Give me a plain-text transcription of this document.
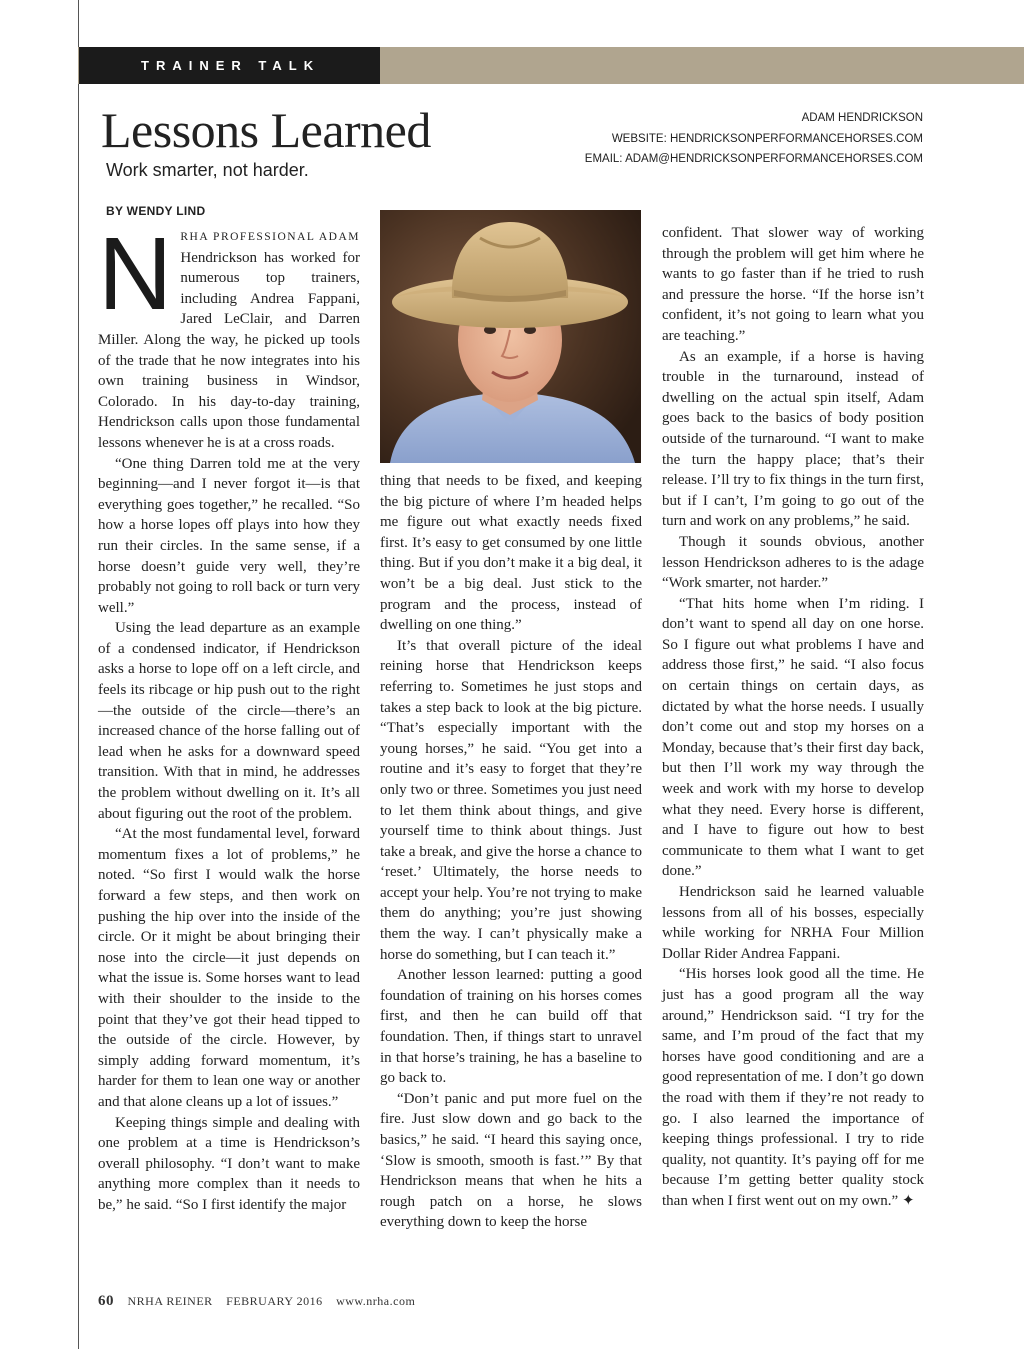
TRAINER TALK
Lessons Learned
Work smarter, not harder.
BY WENDY LIND
ADAM HENDRICKSON
WEBSITE: HENDRICKSONPERFORMANCEHORSES.COM
EMAIL: ADAM@HENDRICKSONPERFORMANCEHORSES.COM

NRHA PROFESSIONAL ADAM Hendrickson has worked for numerous top trainers, including Andrea Fappani, Jared LeClair, and Darren Miller. Along the way, he picked up tools of the trade that he now integrates into his own training business in Windsor, Colorado. In his day-to-day training, Hendrickson calls upon those fundamental lessons whenever he is at a cross roads.

“One thing Darren told me at the very beginning—and I never forgot it—is that everything goes together,” he recalled. “So how a horse lopes off plays into how they run their circles. In the same sense, if a horse doesn’t guide very well, they’re probably not going to roll back or turn very well.”

Using the lead departure as an example of a condensed indicator, if Hendrickson asks a horse to lope off on a left circle, and feels its ribcage or hip push out to the right—the outside of the circle—there’s an increased chance of the horse falling out of lead when he asks for a downward speed transition. With that in mind, he addresses the problem without dwelling on it. It’s all about figuring out the root of the problem.

“At the most fundamental level, forward momentum fixes a lot of problems,” he noted. “So first I would walk the horse forward a few steps, and then work on pushing the hip over into the inside of the circle. Or it might be about bringing their nose into the circle—it just depends on what the issue is. Some horses want to lead with their shoulder to the inside to the point that they’ve got their head tipped to the outside of the circle. However, by simply adding forward momentum, it’s harder for them to lean one way or another and that alone cleans up a lot of issues.”

Keeping things simple and dealing with one problem at a time is Hendrickson’s overall philosophy. “I don’t want to make anything more complex than it needs to be,” he said. “So I first identify the major

thing that needs to be fixed, and keeping the big picture of where I’m headed helps me figure out what exactly needs fixed first. It’s easy to get consumed by one little thing. But if you don’t make it a big deal, it won’t be a big deal. Just stick to the program and the process, instead of dwelling on one thing.”

It’s that overall picture of the ideal reining horse that Hendrickson keeps referring to. Sometimes he just stops and takes a step back to look at the big picture. “That’s especially important with the young horses,” he said. “You get into a routine and it’s easy to forget that they’re only two or three. Sometimes you just need to let them think about things, and give yourself time to think about things. Just take a break, and give the horse a chance to ‘reset.’ Ultimately, the horse needs to accept your help. You’re not trying to make them do anything; you’re just showing them the way. I can’t physically make a horse do something, but I can teach it.”

Another lesson learned: putting a good foundation of training on his horses comes first, and then he can build off that foundation. Then, if things start to unravel in that horse’s training, he has a baseline to go back to.

“Don’t panic and put more fuel on the fire. Just slow down and go back to the basics,” he said. “I heard this saying once, ‘Slow is smooth, smooth is fast.’” By that Hendrickson means that when he hits a rough patch on a horse, he slows everything down to keep the horse

confident. That slower way of working through the problem will get him where he wants to go faster than if he tried to rush and pressure the horse. “If the horse isn’t confident, it’s not going to learn what you are teaching.”

As an example, if a horse is having trouble in the turnaround, instead of dwelling on the actual spin itself, Adam goes back to the basics of body position outside of the turnaround. “I want to make the turn the happy place; that’s their release. I’ll try to fix things in the turn first, but if I can’t, I’m going to go out of the turn and work on any problems,” he said.

Though it sounds obvious, another lesson Hendrickson adheres to is the adage “Work smarter, not harder.”

“That hits home when I’m riding. I don’t want to spend all day on one horse. So I figure out what problems I have and address those first,” he said. “I also focus on certain things on certain days, as dictated by what the horse needs. I usually don’t come out and stop my horses on a Monday, because that’s their first day back, but then I’ll work my way through the week and work with my horse to develop what they need. Every horse is different, and I have to figure out how to best communicate to them what I want to get done.”

Hendrickson said he learned valuable lessons from all of his bosses, especially while working for NRHA Four Million Dollar Rider Andrea Fappani.

“His horses look good all the time. He just has a good program all the way around,” Hendrickson said. “I try for the same, and I’m proud of the fact that my horses have good conditioning and are a good representation of me. I don’t go down the road with them if they’re not ready to go. I also learned the importance of keeping things professional. I try to ride quality, not quantity. It’s paying off for me because I’m getting better quality stock than when I first went out on my own.” ✦

60 NRHA REINER FEBRUARY 2016 www.nrha.com
